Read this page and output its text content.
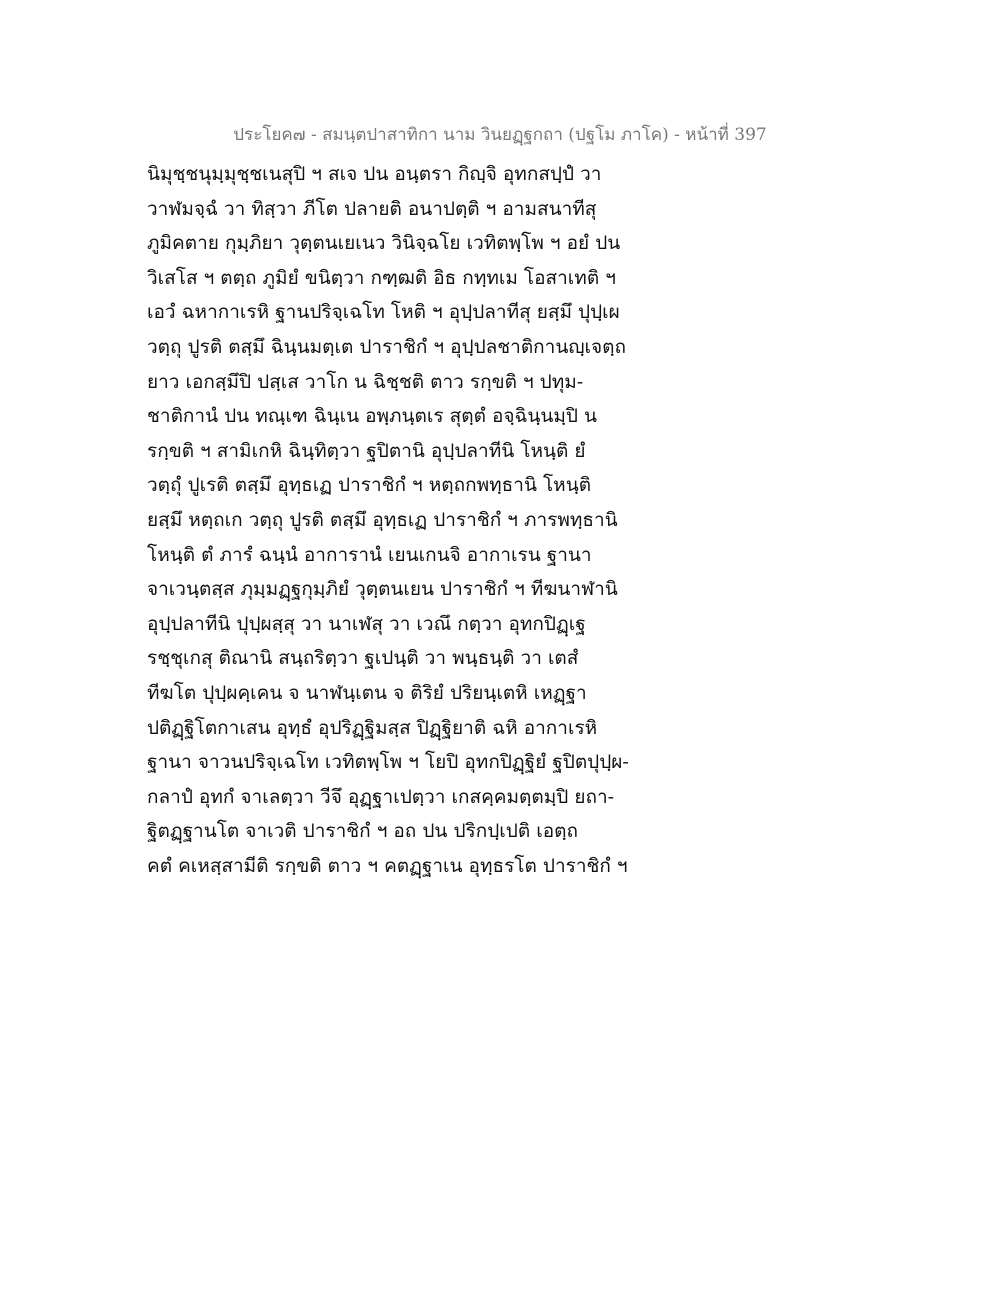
ประโยค๗ - สมนฺตปาสาทิกา นาม วินยฏฺฐกถา (ปฐโม ภาโค) - หน้าที่ 397
นิมุชฺชนุมฺมุชฺชเนสุปิ ฯ สเจ ปน อนฺตรา กิญฺจิ อุทกสปฺปํ วา
วาฬมจฺฉํ วา ทิสฺวา ภีโต ปลายติ อนาปตฺติ ฯ อามสนาทีสุ
ภูมิคตาย กุมฺภิยา วุตฺตนเยเนว วินิจฺฉโย เวทิตพฺโพ ฯ อยํ ปน
วิเสโส ฯ ตตฺถ ภูมิยํ ขนิตฺวา กฑฺฒติ อิธ กทฺทเม โอสาเทติ ฯ
เอวํ ฉหากาเรหิ ฐานปริจฺเฉโท โหติ ฯ อุปฺปลาทีสุ ยสฺมึ ปุปฺเผ
วตฺถุ ปูรติ ตสฺมึ ฉินฺนมตฺเต ปาราชิกํ ฯ อุปฺปลชาติกานญฺเจตฺถ
ยาว เอกสฺมึปิ ปสฺเส วาโก น ฉิชฺชติ ตาว รกฺขติ ฯ ปทุม-
ชาติกานํ ปน ทณฺเฑ ฉินฺเน อพฺภนฺตเร สุตฺตํ อจฺฉินฺนมฺปิ น
รกฺขติ ฯ สามิเกหิ ฉินฺทิตฺวา ฐปิตานิ อุปฺปลาทีนิ โหนฺติ ยํ
วตฺถุํ ปูเรติ ตสฺมึ อุทฺธเฏ ปาราชิกํ ฯ หตฺถกพทฺธานิ โหนฺติ
ยสฺมึ หตฺถเก วตฺถุ ปูรติ ตสฺมึ อุทฺธเฏ ปาราชิกํ ฯ ภารพทฺธานิ
โหนฺติ ตํ ภารํ ฉนฺนํ อาการานํ เยนเกนจิ อากาเรน ฐานา
จาเวนฺตสฺส ภุมฺมฏฺฐกุมฺภิยํ วุตฺตนเยน ปาราชิกํ ฯ ทีฆนาฬานิ
อุปฺปลาทีนิ ปุปฺผสฺสุ วา นาเฬสุ วา เวณึ กตฺวา อุทกปิฏฺเฐ
รชฺชุเกสุ ติณานิ สนฺถริตฺวา ฐเปนฺติ วา พนฺธนฺติ วา เตสํ
ทีฆโต ปุปฺผคฺเคน จ นาฬนฺเตน จ ติริยํ ปริยนฺเตหิ เหฏฺฐา
ปติฏฺฐิโตกาเสน อุทฺธํ อุปริฏฺฐิมสฺส ปิฏฺฐิยาติ ฉหิ อากาเรหิ
ฐานา จาวนปริจฺเฉโท เวทิตพฺโพ ฯ โยปิ อุทกปิฏฺฐิยํ ฐปิตปุปฺผ-
กลาปํ อุทกํ จาเลตฺวา วีจึ อุฏฺฐาเปตฺวา เกสคฺคมตฺตมฺปิ ยถา-
ฐิตฏฺฐานโต จาเวติ ปาราชิกํ ฯ อถ ปน ปริกปฺเปติ เอตฺถ
คตํ คเหสฺสามีติ รกฺขติ ตาว ฯ คตฏฺฐาเน อุทฺธรโต ปาราชิกํ ฯ
